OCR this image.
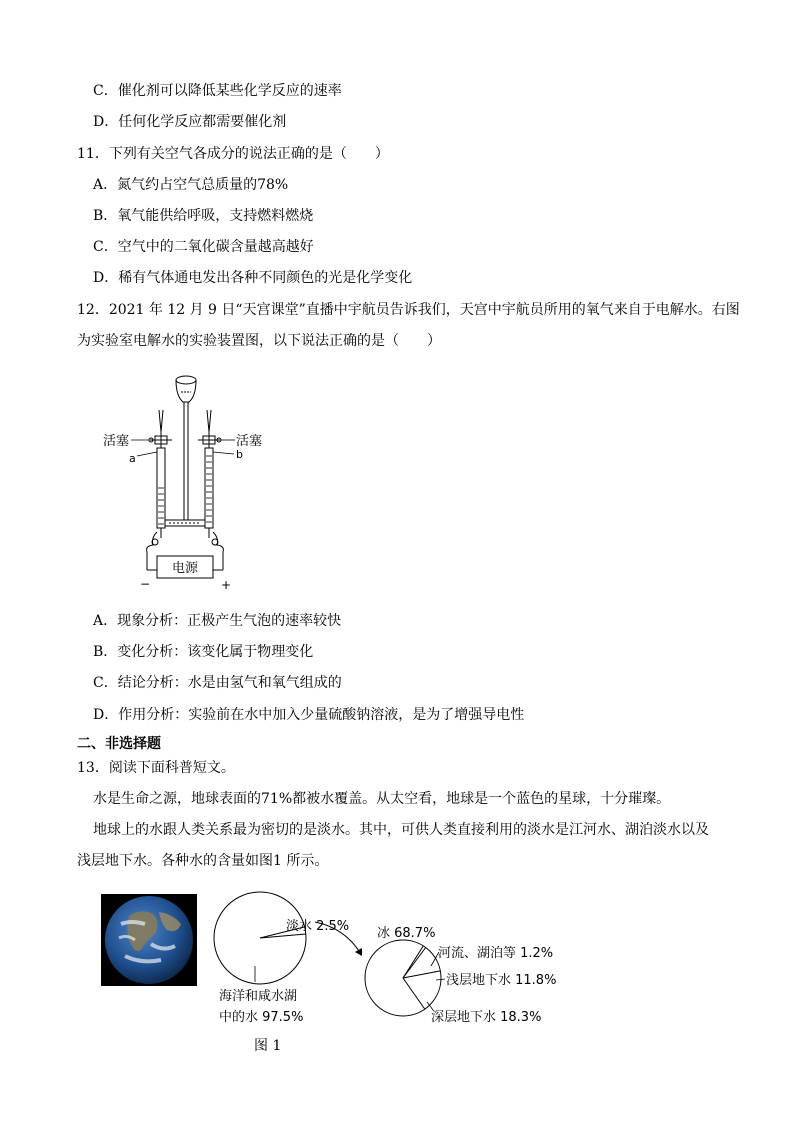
C．催化剂可以降低某些化学反应的速率
D．任何化学反应都需要催化剂
11．下列有关空气各成分的说法正确的是（　　）
A．氮气约占空气总质量的78%
B．氧气能供给呼吸，支持燃料燃烧
C．空气中的二氧化碳含量越高越好
D．稀有气体通电发出各种不同颜色的光是化学变化
12．2021 年 12 月 9 日“天宫课堂”直播中宇航员告诉我们，天宫中宇航员所用的氧气来自于电解水。右图
为实验室电解水的实验装置图，以下说法正确的是（　　）
电源
−	+
活塞	活塞
a	b
A．现象分析：正极产生气泡的速率较快
B．变化分析：该变化属于物理变化
C．结论分析：水是由氢气和氧气组成的
D．作用分析：实验前在水中加入少量硫酸钠溶液，是为了增强导电性
二、非选择题
13．阅读下面科普短文。
水是生命之源，地球表面的71%都被水覆盖。从太空看，地球是一个蓝色的星球，十分璀璨。
地球上的水跟人类关系最为密切的是淡水。其中，可供人类直接利用的淡水是江河水、湖泊淡水以及
浅层地下水。各种水的含量如图1 所示。
淡水 2.5%
海洋和咸水湖
中的水 97.5%
冰 68.7%
河流、湖泊等 1.2%
浅层地下水 11.8%
深层地下水 18.3%
图 1
